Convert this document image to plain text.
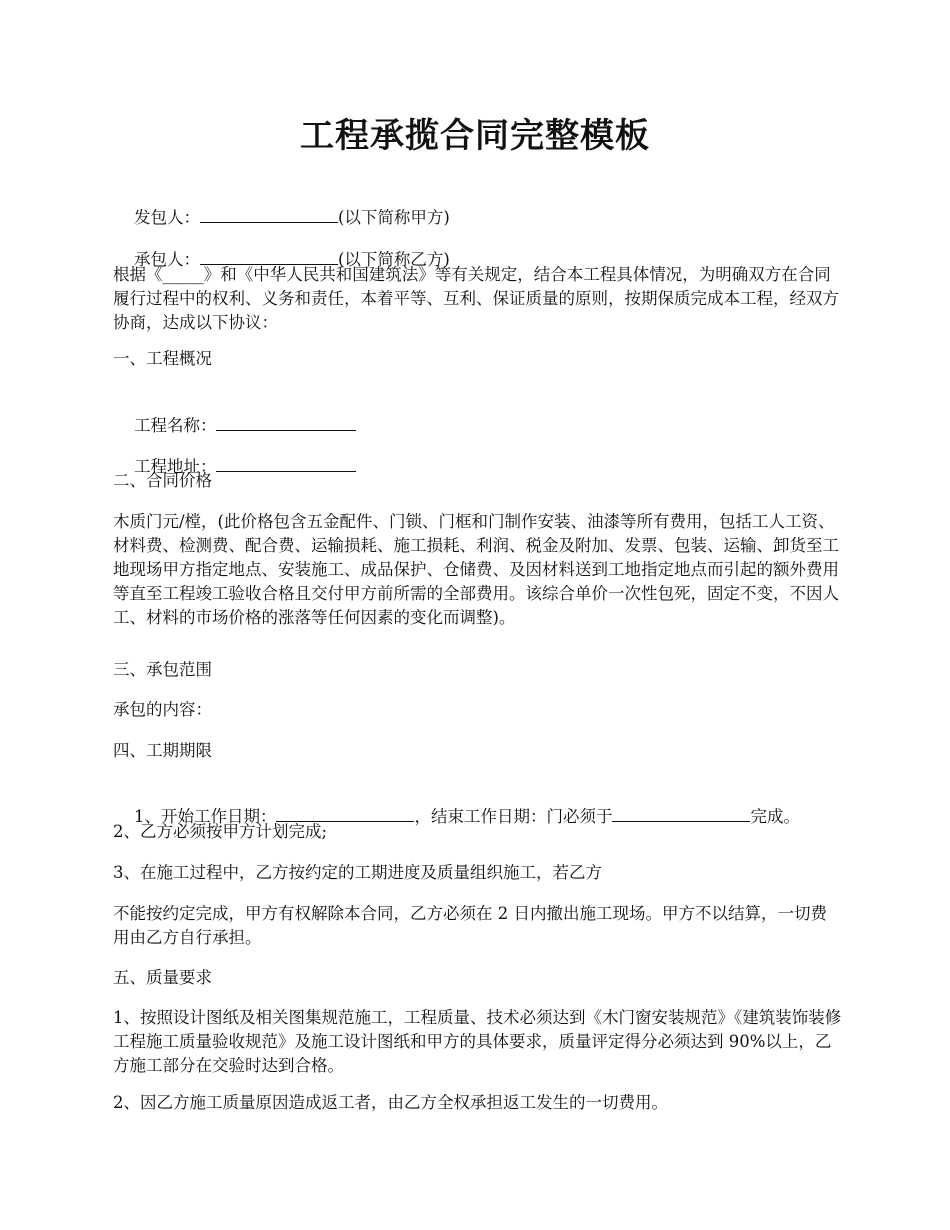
工程承揽合同完整模板

发包人：	(以下简称甲方)

承包人：	(以下简称乙方)

根据《_____》和《中华人民共和国建筑法》等有关规定，结合本工程具体情况，为明确双方在合同履行过程中的权利、义务和责任，本着平等、互利、保证质量的原则，按期保质完成本工程，经双方协商，达成以下协议：
一、工程概况

工程名称：

工程地址：

二、合同价格
木质门元/樘，(此价格包含五金配件、门锁、门框和门制作安装、油漆等所有费用，包括工人工资、材料费、检测费、配合费、运输损耗、施工损耗、利润、税金及附加、发票、包装、运输、卸货至工地现场甲方指定地点、安装施工、成品保护、仓储费、及因材料送到工地指定地点而引起的额外费用等直至工程竣工验收合格且交付甲方前所需的全部费用。该综合单价一次性包死，固定不变，不因人工、材料的市场价格的涨落等任何因素的变化而调整)。
三、承包范围
承包的内容：
四、工期期限

1、开始工作日期：	，结束工作日期：门必须于	完成。

2、乙方必须按甲方计划完成;
3、在施工过程中，乙方按约定的工期进度及质量组织施工，若乙方
不能按约定完成，甲方有权解除本合同，乙方必须在 2 日内撤出施工现场。甲方不以结算，一切费用由乙方自行承担。
五、质量要求
1、按照设计图纸及相关图集规范施工，工程质量、技术必须达到《木门窗安装规范》《建筑装饰装修工程施工质量验收规范》及施工设计图纸和甲方的具体要求，质量评定得分必须达到 90%以上，乙方施工部分在交验时达到合格。
2、因乙方施工质量原因造成返工者，由乙方全权承担返工发生的一切费用。
